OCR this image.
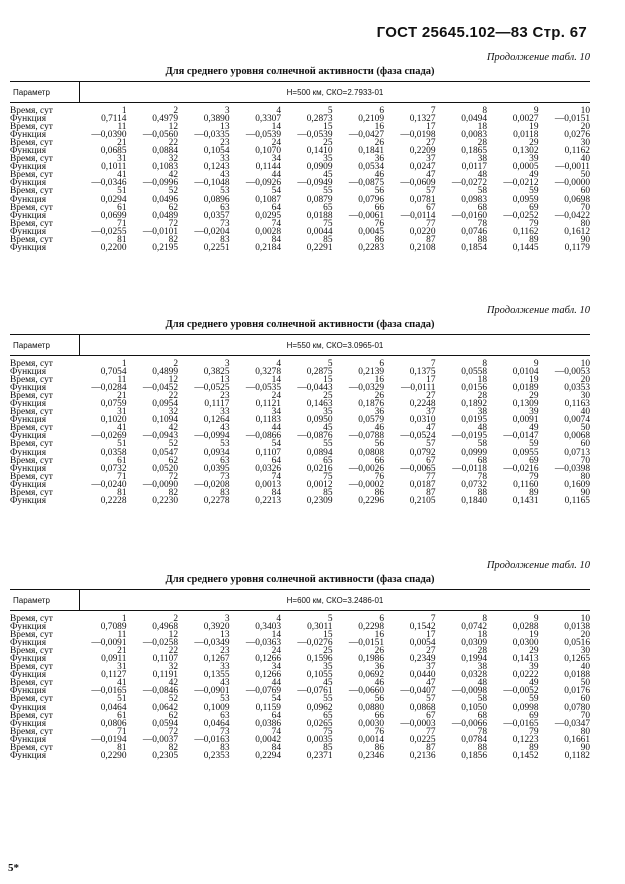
ГОСТ 25645.102—83 Стр. 67
Продолжение табл. 10
Для среднего уровня солнечной активности (фаза спада)
Параметр	H=500 км, СКО=2.7933-01
Время, сут	1	2	3	4	5	6	7	8	9	10
Функция	0,7114	0,4979	0,3890	0,3307	0,2873	0,2109	0,1327	0,0494	0,0027	—0,0151
Время, сут	11	12	13	14	15	16	17	18	19	20
Функция	—0,0390	—0,0560	—0,0335	—0,0539	—0,0539	—0,0427	—0,0198	0,0083	0,0118	0,0276
Время, сут	21	22	23	24	25	26	27	28	29	30
Функция	0,0685	0,0884	0,1054	0,1070	0,1410	0,1841	0,2209	0,1865	0,1302	0,1162
Время, сут	31	32	33	34	35	36	37	38	39	40
Функция	0,1011	0,1083	0,1243	0,1144	0,0909	0,0534	0,0247	0,0117	0,0005	—0,0011
Время, сут	41	42	43	44	45	46	47	48	49	50
Функция	—0,0346	—0,0996	—0,1048	—0,0926	—0,0949	—0,0875	—0,0609	—0,0272	—0,0212	—0,0000
Время, сут	51	52	53	54	55	56	57	58	59	60
Функция	0,0294	0,0496	0,0896	0,1087	0,0879	0,0796	0,0781	0,0983	0,0959	0,0698
Время, сут	61	62	63	64	65	66	67	68	69	70
Функция	0,0699	0,0489	0,0357	0,0295	0,0188	—0,0061	—0,0114	—0,0160	—0,0252	—0,0422
Время, сут	71	72	73	74	75	76	77	78	79	80
Функция	—0,0255	—0,0101	—0,0204	0,0028	0,0044	0,0045	0,0220	0,0746	0,1162	0,1612
Время, сут	81	82	83	84	85	86	87	88	89	90
Функция	0,2200	0,2195	0,2251	0,2184	0,2291	0,2283	0,2108	0,1854	0,1445	0,1179
Продолжение табл. 10
Для среднего уровня солнечной активности (фаза спада)
Параметр	H=550 км, СКО=3.0965-01
Время, сут	1	2	3	4	5	6	7	8	9	10
Функция	0,7054	0,4899	0,3825	0,3278	0,2875	0,2139	0,1375	0,0558	0,0104	—0,0053
Время, сут	11	12	13	14	15	16	17	18	19	20
Функция	—0,0284	—0,0452	—0,0525	—0,0535	—0,0443	—0,0329	—0,0111	0,0156	0,0189	0,0353
Время, сут	21	22	23	24	25	26	27	28	29	30
Функция	0,0759	0,0954	0,1117	0,1121	0,1463	0,1876	0,2248	0,1892	0,1309	0,1163
Время, сут	31	32	33	34	35	36	37	38	39	40
Функция	0,1020	0,1094	0,1264	0,1183	0,0950	0,0579	0,0310	0,0195	0,0091	0,0074
Время, сут	41	42	43	44	45	46	47	48	49	50
Функция	—0,0269	—0,0943	—0,0994	—0,0866	—0,0876	—0,0788	—0,0524	—0,0195	—0,0147	0,0068
Время, сут	51	52	53	54	55	56	57	58	59	60
Функция	0,0358	0,0547	0,0934	0,1107	0,0894	0,0808	0,0792	0,0999	0,0955	0,0713
Время, сут	61	62	63	64	65	66	67	68	69	70
Функция	0,0732	0,0520	0,0395	0,0326	0,0216	—0,0026	—0,0065	—0,0118	—0,0216	—0,0398
Время, сут	71	72	73	74	75	76	77	78	79	80
Функция	—0,0240	—0,0090	—0,0208	0,0013	0,0012	—0,0002	0,0187	0,0732	0,1160	0,1609
Время, сут	81	82	83	84	85	86	87	88	89	90
Функция	0,2228	0,2230	0,2278	0,2213	0,2309	0,2296	0,2105	0,1840	0,1431	0,1165
Продолжение табл. 10
Для среднего уровня солнечной активности (фаза спада)
Параметр	H=600 км, СКО=3.2486-01
Время, сут	1	2	3	4	5	6	7	8	9	10
Функция	0,7089	0,4968	0,3920	0,3403	0,3011	0,2298	0,1542	0,0742	0,0288	0,0138
Время, сут	11	12	13	14	15	16	17	18	19	20
Функция	—0,0091	—0,0258	—0,0349	—0,0363	—0,0276	—0,0151	0,0054	0,0309	0,0300	0,0516
Время, сут	21	22	23	24	25	26	27	28	29	30
Функция	0,0911	0,1107	0,1267	0,1266	0,1596	0,1986	0,2349	0,1994	0,1413	0,1265
Время, сут	31	32	33	34	35	36	37	38	39	40
Функция	0,1127	0,1191	0,1355	0,1266	0,1055	0,0692	0,0440	0,0328	0,0222	0,0188
Время, сут	41	42	43	44	45	46	47	48	49	50
Функция	—0,0165	—0,0846	—0,0901	—0,0769	—0,0761	—0,0660	—0,0407	—0,0098	—0,0052	0,0176
Время, сут	51	52	53	54	55	56	57	58	59	60
Функция	0,0464	0,0642	0,1009	0,1159	0,0962	0,0880	0,0868	0,1050	0,0998	0,0780
Время, сут	61	62	63	64	65	66	67	68	69	70
Функция	0,0806	0,0594	0,0464	0,0386	0,0265	0,0030	—0,0003	—0,0066	—0,0165	—0,0347
Время, сут	71	72	73	74	75	76	77	78	79	80
Функция	—0,0194	—0,0037	—0,0163	0,0042	0,0035	0,0014	0,0225	0,0784	0,1223	0,1661
Время, сут	81	82	83	84	85	86	87	88	89	90
Функция	0,2290	0,2305	0,2353	0,2294	0,2371	0,2346	0,2136	0,1856	0,1452	0,1182
5*
